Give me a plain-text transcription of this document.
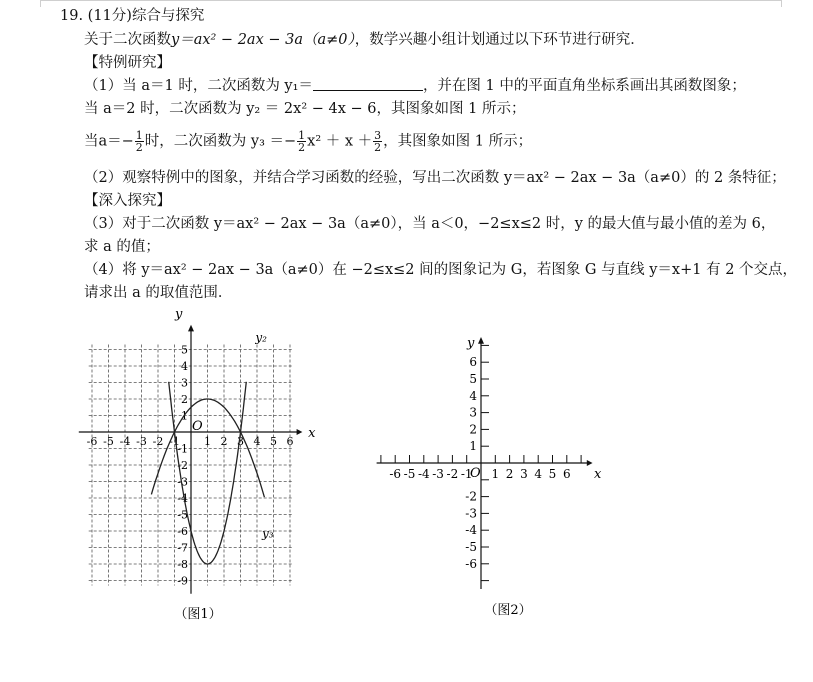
19. (11分)综合与探究
关于二次函数y＝ax² − 2ax − 3a（a≠0），数学兴趣小组计划通过以下环节进行研究．
【特例研究】
（1）当 a＝1 时，二次函数为 y₁＝	，并在图 1 中的平面直角坐标系画出其函数图象；
当 a＝2 时，二次函数为 y₂ ＝ 2x² − 4x − 6，其图象如图 1 所示；
当$a=- \frac{1}{2}$ 时，二次函数为 $y_3 =- \frac{1}{2} x^2 + x + \frac{3}{2}$ ，其图象如图 1 所示；
（2）观察特例中的图象，并结合学习函数的经验，写出二次函数 y＝ax² − 2ax − 3a（a≠0）的 2 条特征；
【深入探究】
（3）对于二次函数 y＝ax² − 2ax − 3a（a≠0），当 a＜0，−2≤x≤2 时，y 的最大值与最小值的差为 6，
求 a 的值；
（4）将 y＝ax² − 2ax − 3a（a≠0）在 −2≤x≤2 间的图象记为 G，若图象 G 与直线 y＝x+1 有 2 个交点，
请求出 a 的取值范围．
-6 -5 -4 -3 -2 -1 1 2 3 4 5 6
5
4
3
2
1
-1
-2
-3
-4
-5
-6
-7
-8
-9
y
x
O
y₂
y₃
（图1）
-6 -5 -4 -3 -2 -1 1 2 3 4 5 6
6
5
4
3
2
1
-2
-3
-4
-5
-6
y
x
O
（图2）
